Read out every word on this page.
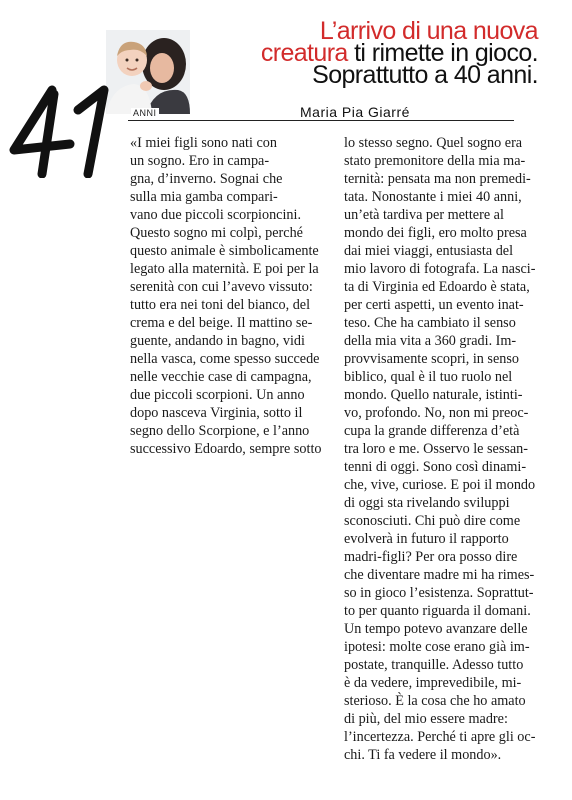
ANNI
L’arrivo di una nuova
creatura ti rimette in gioco.
Soprattutto a 40 anni.
Maria Pia Giarré
«I miei figli sono nati con
un sogno. Ero in campa-
gna, d’inverno. Sognai che
sulla mia gamba compari-
vano due piccoli scorpioncini.
Questo sogno mi colpì, perché
questo animale è simbolicamente
legato alla maternità. E poi per la
serenità con cui l’avevo vissuto:
tutto era nei toni del bianco, del
crema e del beige. Il mattino se-
guente, andando in bagno, vidi
nella vasca, come spesso succede
nelle vecchie case di campagna,
due piccoli scorpioni. Un anno
dopo nasceva Virginia, sotto il
segno dello Scorpione, e l’anno
successivo Edoardo, sempre sotto
lo stesso segno. Quel sogno era
stato premonitore della mia ma-
ternità: pensata ma non premedi-
tata. Nonostante i miei 40 anni,
un’età tardiva per mettere al
mondo dei figli, ero molto presa
dai miei viaggi, entusiasta del
mio lavoro di fotografa. La nasci-
ta di Virginia ed Edoardo è stata,
per certi aspetti, un evento inat-
teso. Che ha cambiato il senso
della mia vita a 360 gradi. Im-
provvisamente scopri, in senso
biblico, qual è il tuo ruolo nel
mondo. Quello naturale, istinti-
vo, profondo. No, non mi preoc-
cupa la grande differenza d’età
tra loro e me. Osservo le sessan-
tenni di oggi. Sono così dinami-
che, vive, curiose. E poi il mondo
di oggi sta rivelando sviluppi
sconosciuti. Chi può dire come
evolverà in futuro il rapporto
madri-figli? Per ora posso dire
che diventare madre mi ha rimes-
so in gioco l’esistenza. Soprattut-
to per quanto riguarda il domani.
Un tempo potevo avanzare delle
ipotesi: molte cose erano già im-
postate, tranquille. Adesso tutto
è da vedere, imprevedibile, mi-
sterioso. È la cosa che ho amato
di più, del mio essere madre:
l’incertezza. Perché ti apre gli oc-
chi. Ti fa vedere il mondo».
